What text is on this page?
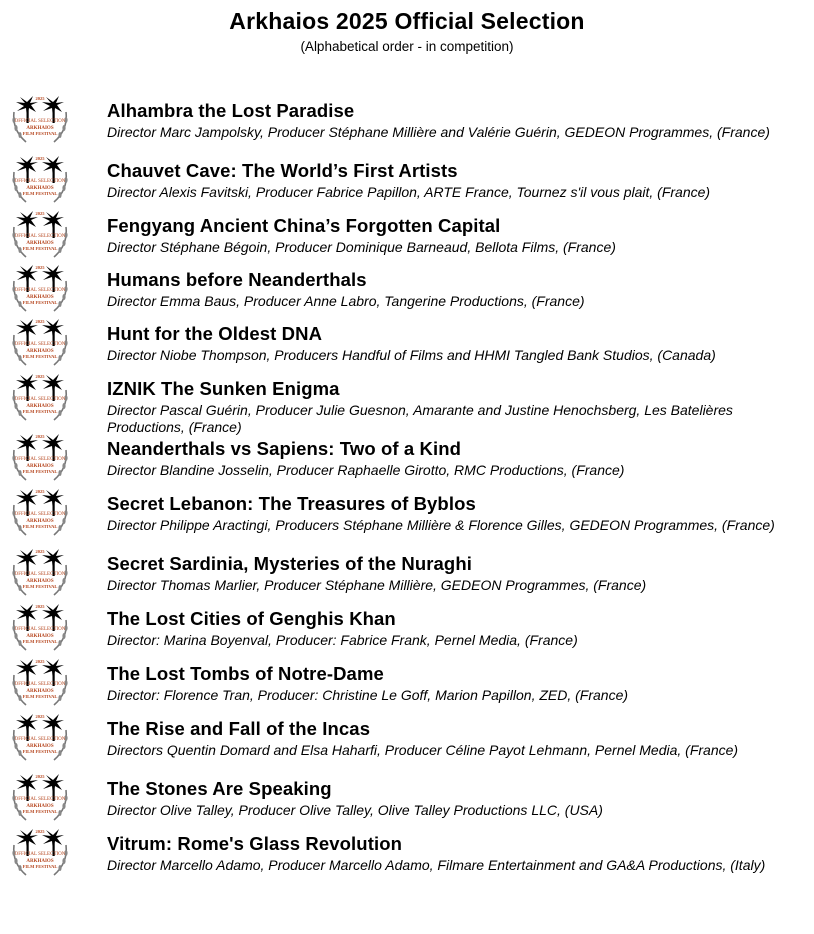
Arkhaios 2025 Official Selection
(Alphabetical order - in competition)
2025
OFFICIAL SELECTION
ARKHAIOS
FILM FESTIVAL
Alhambra the Lost Paradise
Director Marc Jampolsky, Producer Stéphane Millière and Valérie Guérin, GEDEON Programmes, (France)
2025
OFFICIAL SELECTION
ARKHAIOS
FILM FESTIVAL
Chauvet Cave: The World’s First Artists
Director Alexis Favitski, Producer Fabrice Papillon, ARTE France, Tournez s'il vous plait, (France)
2025
OFFICIAL SELECTION
ARKHAIOS
FILM FESTIVAL
Fengyang Ancient China’s Forgotten Capital
Director Stéphane Bégoin, Producer Dominique Barneaud, Bellota Films, (France)
2025
OFFICIAL SELECTION
ARKHAIOS
FILM FESTIVAL
Humans before Neanderthals
Director Emma Baus, Producer Anne Labro, Tangerine Productions, (France)
2025
OFFICIAL SELECTION
ARKHAIOS
FILM FESTIVAL
Hunt for the Oldest DNA
Director Niobe Thompson, Producers Handful of Films and HHMI Tangled Bank Studios, (Canada)
2025
OFFICIAL SELECTION
ARKHAIOS
FILM FESTIVAL
IZNIK The Sunken Enigma
Director Pascal Guérin, Producer Julie Guesnon, Amarante and Justine Henochsberg, Les Batelières Productions, (France)
2025
OFFICIAL SELECTION
ARKHAIOS
FILM FESTIVAL
Neanderthals vs Sapiens: Two of a Kind
Director Blandine Josselin, Producer Raphaelle Girotto, RMC Productions, (France)
2025
OFFICIAL SELECTION
ARKHAIOS
FILM FESTIVAL
Secret Lebanon: The Treasures of Byblos
Director Philippe Aractingi, Producers Stéphane Millière & Florence Gilles, GEDEON Programmes, (France)
2025
OFFICIAL SELECTION
ARKHAIOS
FILM FESTIVAL
Secret Sardinia, Mysteries of the Nuraghi
Director Thomas Marlier, Producer Stéphane Millière, GEDEON Programmes, (France)
2025
OFFICIAL SELECTION
ARKHAIOS
FILM FESTIVAL
The Lost Cities of Genghis Khan
Director: Marina Boyenval, Producer: Fabrice Frank, Pernel Media, (France)
2025
OFFICIAL SELECTION
ARKHAIOS
FILM FESTIVAL
The Lost Tombs of Notre-Dame
Director: Florence Tran, Producer: Christine Le Goff, Marion Papillon, ZED, (France)
2025
OFFICIAL SELECTION
ARKHAIOS
FILM FESTIVAL
The Rise and Fall of the Incas
Directors Quentin Domard and Elsa Haharfi, Producer Céline Payot Lehmann, Pernel Media, (France)
2025
OFFICIAL SELECTION
ARKHAIOS
FILM FESTIVAL
The Stones Are Speaking
Director Olive Talley, Producer Olive Talley, Olive Talley Productions LLC, (USA)
2025
OFFICIAL SELECTION
ARKHAIOS
FILM FESTIVAL
Vitrum: Rome's Glass Revolution
Director Marcello Adamo, Producer Marcello Adamo, Filmare Entertainment and GA&A Productions, (Italy)
